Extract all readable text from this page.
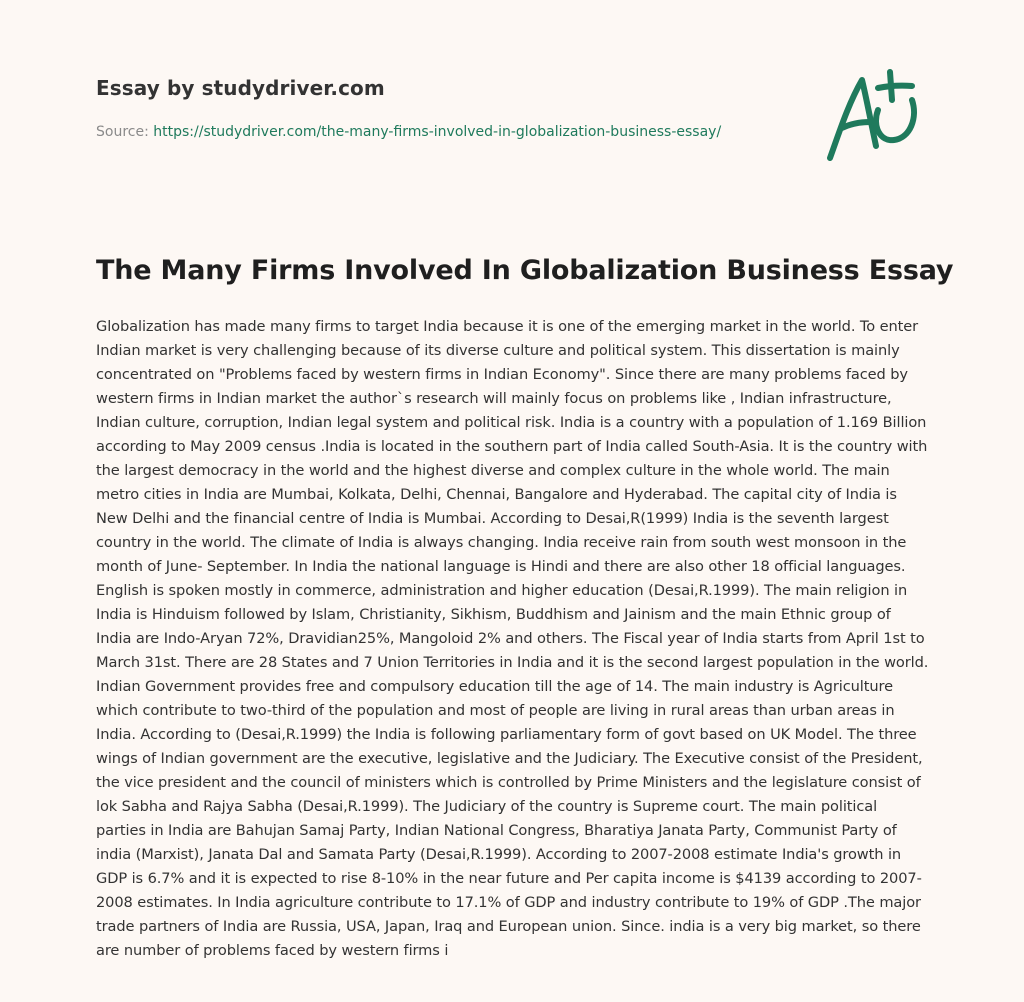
Essay by studydriver.com
Source: https://studydriver.com/the-many-firms-involved-in-globalization-business-essay/
The Many Firms Involved In Globalization Business Essay

Globalization has made many firms to target India because it is one of the emerging market in the world. To enter Indian market is very challenging because of its diverse culture and political system. This dissertation is mainly concentrated on "Problems faced by western firms in Indian Economy". Since there are many problems faced by western firms in Indian market the author`s research will mainly focus on problems like , Indian infrastructure, Indian culture, corruption, Indian legal system and political risk. India is a country with a population of 1.169 Billion according to May 2009 census .India is located in the southern part of India called South-Asia. It is the country with the largest democracy in the world and the highest diverse and complex culture in the whole world. The main metro cities in India are Mumbai, Kolkata, Delhi, Chennai, Bangalore and Hyderabad. The capital city of India is New Delhi and the financial centre of India is Mumbai. According to Desai,R(1999) India is the seventh largest country in the world. The climate of India is always changing. India receive rain from south west monsoon in the month of June- September. In India the national language is Hindi and there are also other 18 official languages. English is spoken mostly in commerce, administration and higher education (Desai,R.1999). The main religion in India is Hinduism followed by Islam, Christianity, Sikhism, Buddhism and Jainism and the main Ethnic group of India are Indo-Aryan 72%, Dravidian25%, Mangoloid 2% and others. The Fiscal year of India starts from April 1st to March 31st. There are 28 States and 7 Union Territories in India and it is the second largest population in the world. Indian Government provides free and compulsory education till the age of 14. The main industry is Agriculture which contribute to two-third of the population and most of people are living in rural areas than urban areas in India. According to (Desai,R.1999) the India is following parliamentary form of govt based on UK Model. The three wings of Indian government are the executive, legislative and the Judiciary. The Executive consist of the President, the vice president and the council of ministers which is controlled by Prime Ministers and the legislature consist of lok Sabha and Rajya Sabha (Desai,R.1999). The Judiciary of the country is Supreme court. The main political parties in India are Bahujan Samaj Party, Indian National Congress, Bharatiya Janata Party, Communist Party of india (Marxist), Janata Dal and Samata Party (Desai,R.1999). According to 2007-2008 estimate India's growth in GDP is 6.7% and it is expected to rise 8-10% in the near future and Per capita income is $4139 according to 2007-2008 estimates. In India agriculture contribute to 17.1% of GDP and industry contribute to 19% of GDP .The major trade partners of India are Russia, USA, Japan, Iraq and European union. Since. india is a very big market, so there are number of problems faced by western firms i
